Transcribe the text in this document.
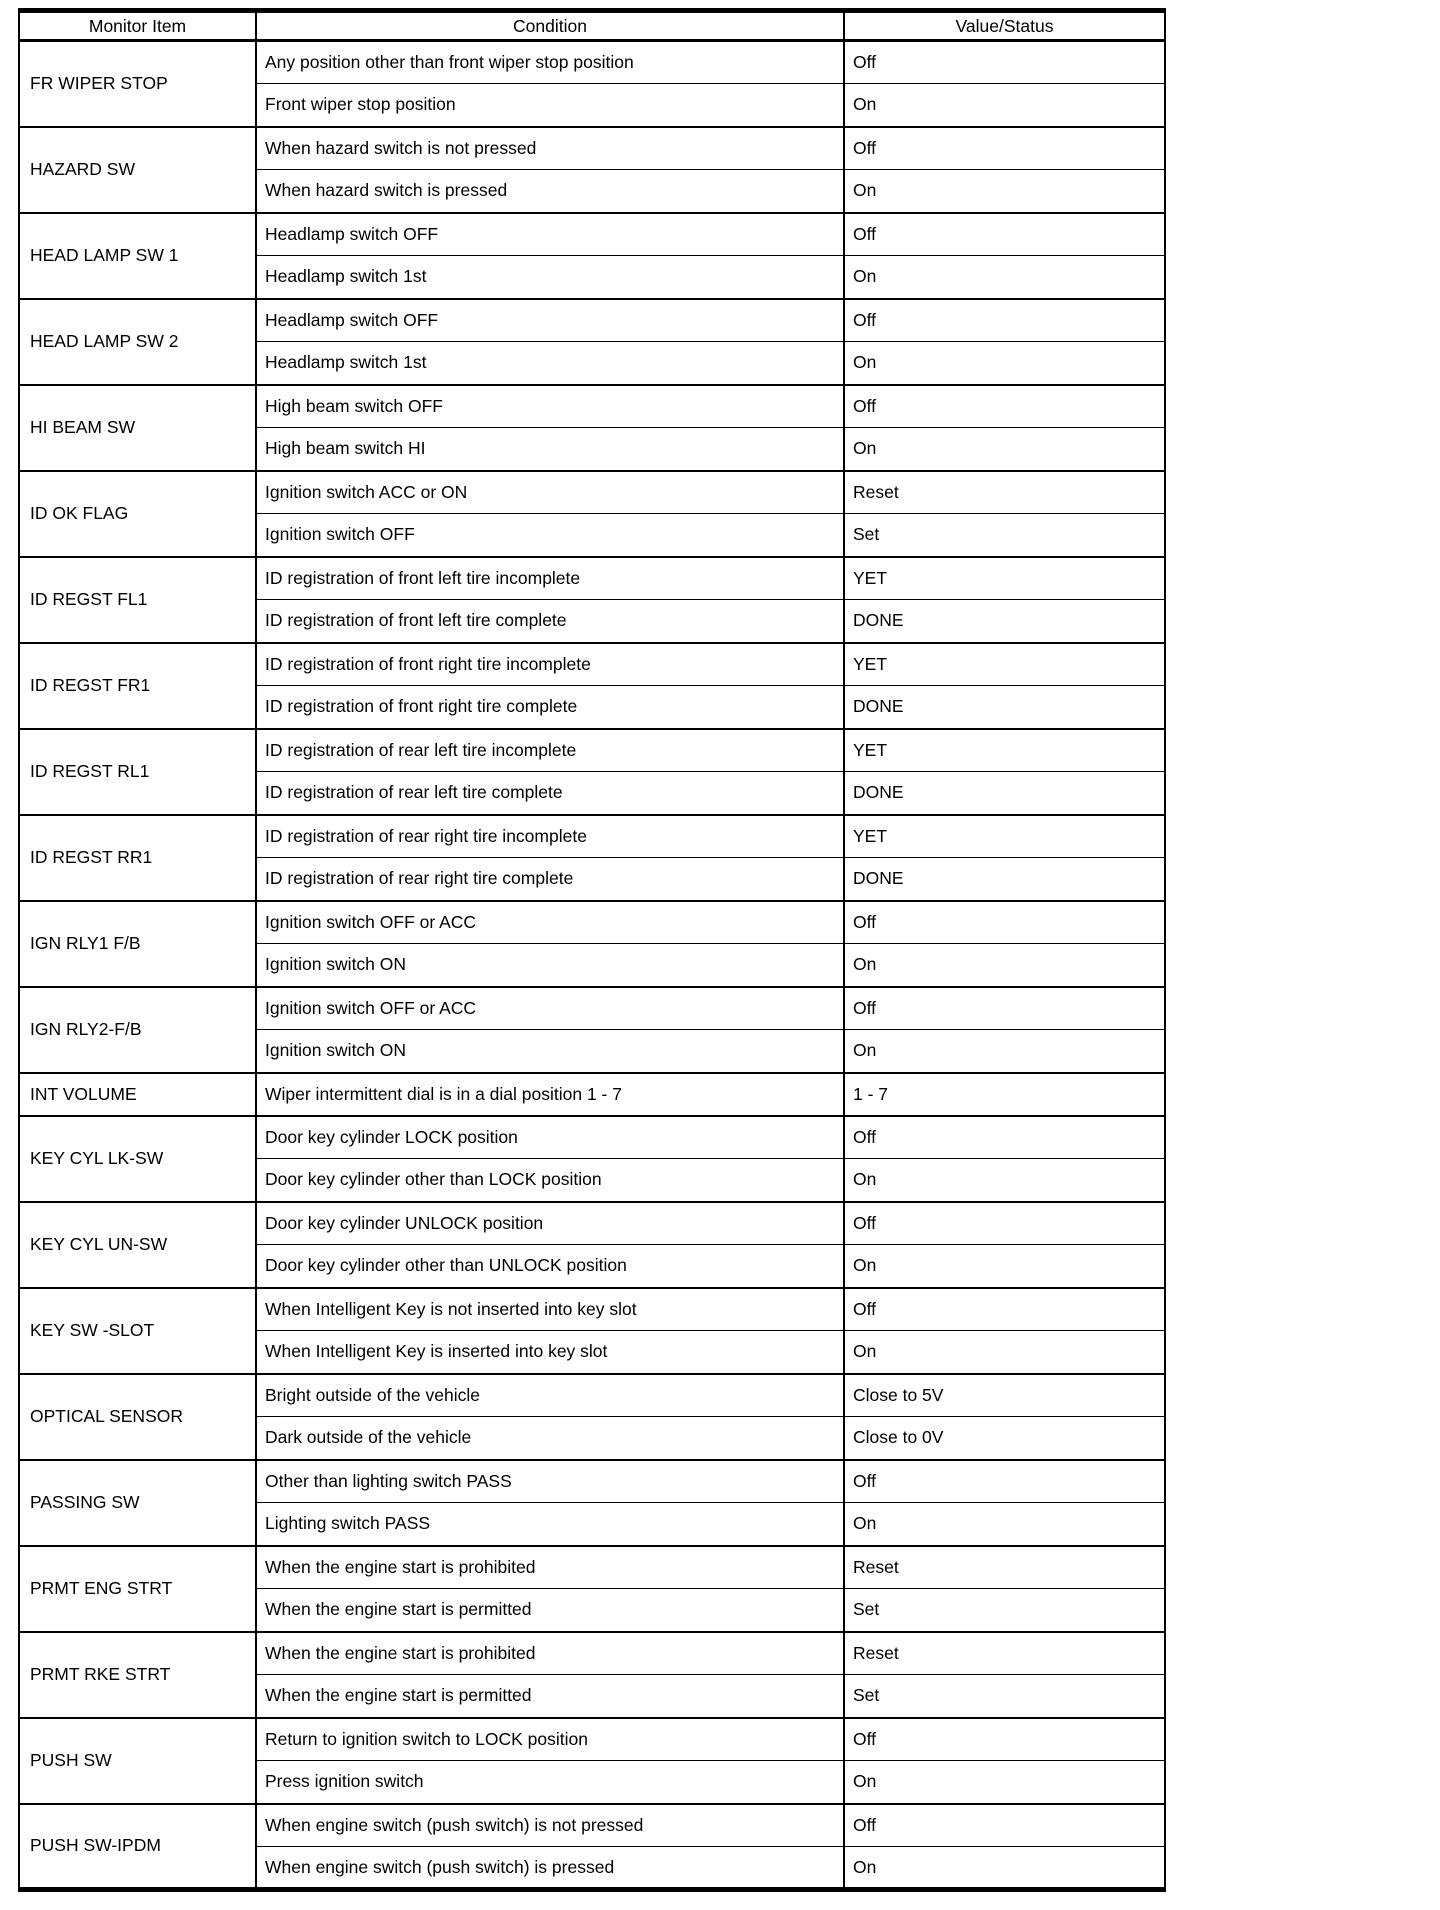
Monitor Item	Condition	Value/Status
FR WIPER STOP	Any position other than front wiper stop position	Off
	Front wiper stop position	On
HAZARD SW	When hazard switch is not pressed	Off
	When hazard switch is pressed	On
HEAD LAMP SW 1	Headlamp switch OFF	Off
	Headlamp switch 1st	On
HEAD LAMP SW 2	Headlamp switch OFF	Off
	Headlamp switch 1st	On
HI BEAM SW	High beam switch OFF	Off
	High beam switch HI	On
ID OK FLAG	Ignition switch ACC or ON	Reset
	Ignition switch OFF	Set
ID REGST FL1	ID registration of front left tire incomplete	YET
	ID registration of front left tire complete	DONE
ID REGST FR1	ID registration of front right tire incomplete	YET
	ID registration of front right tire complete	DONE
ID REGST RL1	ID registration of rear left tire incomplete	YET
	ID registration of rear left tire complete	DONE
ID REGST RR1	ID registration of rear right tire incomplete	YET
	ID registration of rear right tire complete	DONE
IGN RLY1 F/B	Ignition switch OFF or ACC	Off
	Ignition switch ON	On
IGN RLY2-F/B	Ignition switch OFF or ACC	Off
	Ignition switch ON	On
INT VOLUME	Wiper intermittent dial is in a dial position 1 - 7	1 - 7
KEY CYL LK-SW	Door key cylinder LOCK position	Off
	Door key cylinder other than LOCK position	On
KEY CYL UN-SW	Door key cylinder UNLOCK position	Off
	Door key cylinder other than UNLOCK position	On
KEY SW -SLOT	When Intelligent Key is not inserted into key slot	Off
	When Intelligent Key is inserted into key slot	On
OPTICAL SENSOR	Bright outside of the vehicle	Close to 5V
	Dark outside of the vehicle	Close to 0V
PASSING SW	Other than lighting switch PASS	Off
	Lighting switch PASS	On
PRMT ENG STRT	When the engine start is prohibited	Reset
	When the engine start is permitted	Set
PRMT RKE STRT	When the engine start is prohibited	Reset
	When the engine start is permitted	Set
PUSH SW	Return to ignition switch to LOCK position	Off
	Press ignition switch	On
PUSH SW-IPDM	When engine switch (push switch) is not pressed	Off
	When engine switch (push switch) is pressed	On
